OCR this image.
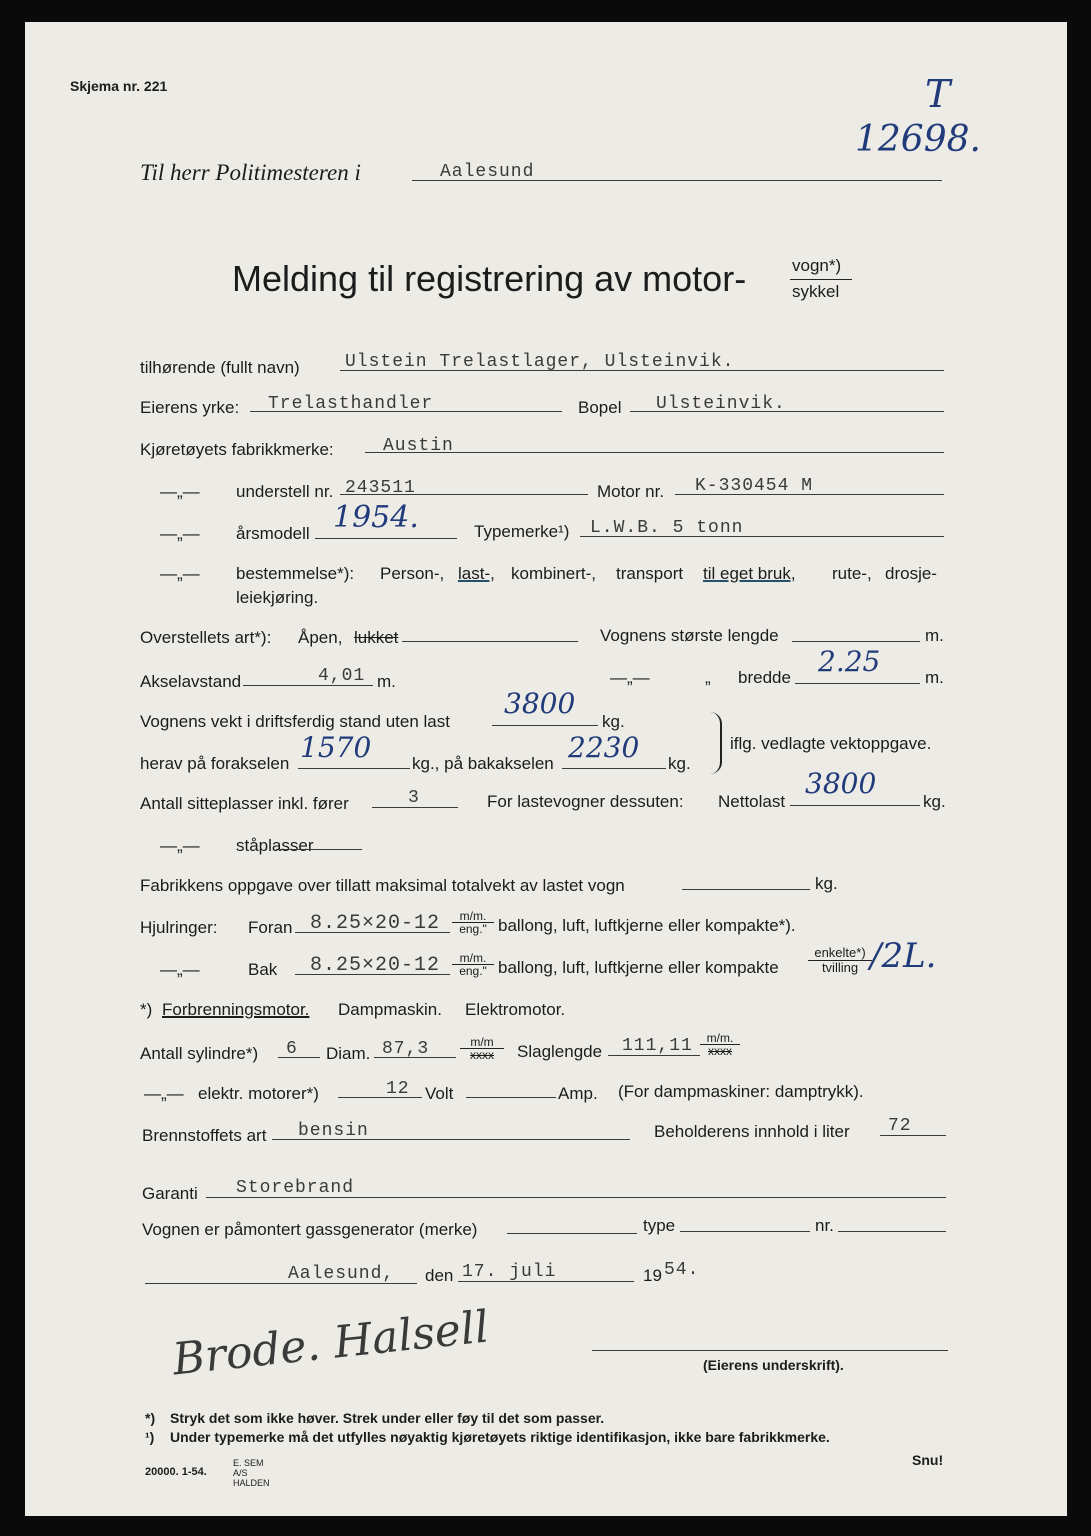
Skjema nr. 221	T
12698.
Til herr Politimesteren i	Aalesund
Melding til registrering av motor-	vogn*)
sykkel
tilhørende (fullt navn)	Ulstein Trelastlager, Ulsteinvik.
Eierens yrke: Trelasthandler	Bopel Ulsteinvik.
Kjøretøyets fabrikkmerke:	Austin
—„— understell nr. 243511	Motor nr. K-330454 M
—„— årsmodell 1954.	Typemerke¹) L.W.B. 5 tonn
—„— bestemmelse*): Person-, last-, kombinert-, transport til eget bruk, rute-, drosje-
leiekjøring.
Overstellets art*): Åpen, lukket	Vognens største lengde	m.
Akselavstand	4,01 m.	—„—	„ bredde 2.25	m.
Vognens vekt i driftsferdig stand uten last
3800
kg.
herav på forakselen 1570 kg., på bakakselen 2230 kg.
iflg. vedlagte vektoppgave.
Antall sitteplasser inkl. fører	3	For lastevogner dessuten: Nettolast
3800
kg.
—„— ståplasser
Fabrikkens oppgave over tillatt maksimal totalvekt av lastet vogn	kg.
Hjulringer: Foran 8.25×20-12	m/m.
eng." ballong, luft, luftkjerne eller kompakte*).
—„—	Bak 8.25×20-12	m/m.
eng." ballong, luft, luftkjerne eller kompakte
enkelte*)
tvilling /2L.
*) Forbrenningsmotor. Dampmaskin. Elektromotor.
Antall sylindre*) 6 Diam. 87,3	m/m
xxxx	Slaglengde 111,11	m/m.
xxxx
—„— elektr. motorer*)	12 Volt	Amp. (For dampmaskiner: damptrykk).
Brennstoffets art bensin	Beholderens innhold i liter 72
Garanti Storebrand
Vognen er påmontert gassgenerator (merke)	type	nr.
Aalesund, den 17. juli	19 54.
Brode. Halsell	(Eierens underskrift).
*) Stryk det som ikke høver. Strek under eller føy til det som passer.
¹) Under typemerke må det utfylles nøyaktig kjøretøyets riktige identifikasjon, ikke bare fabrikkmerke.
20000. 1-54.
E. SEM A/S HALDEN
Snu!
